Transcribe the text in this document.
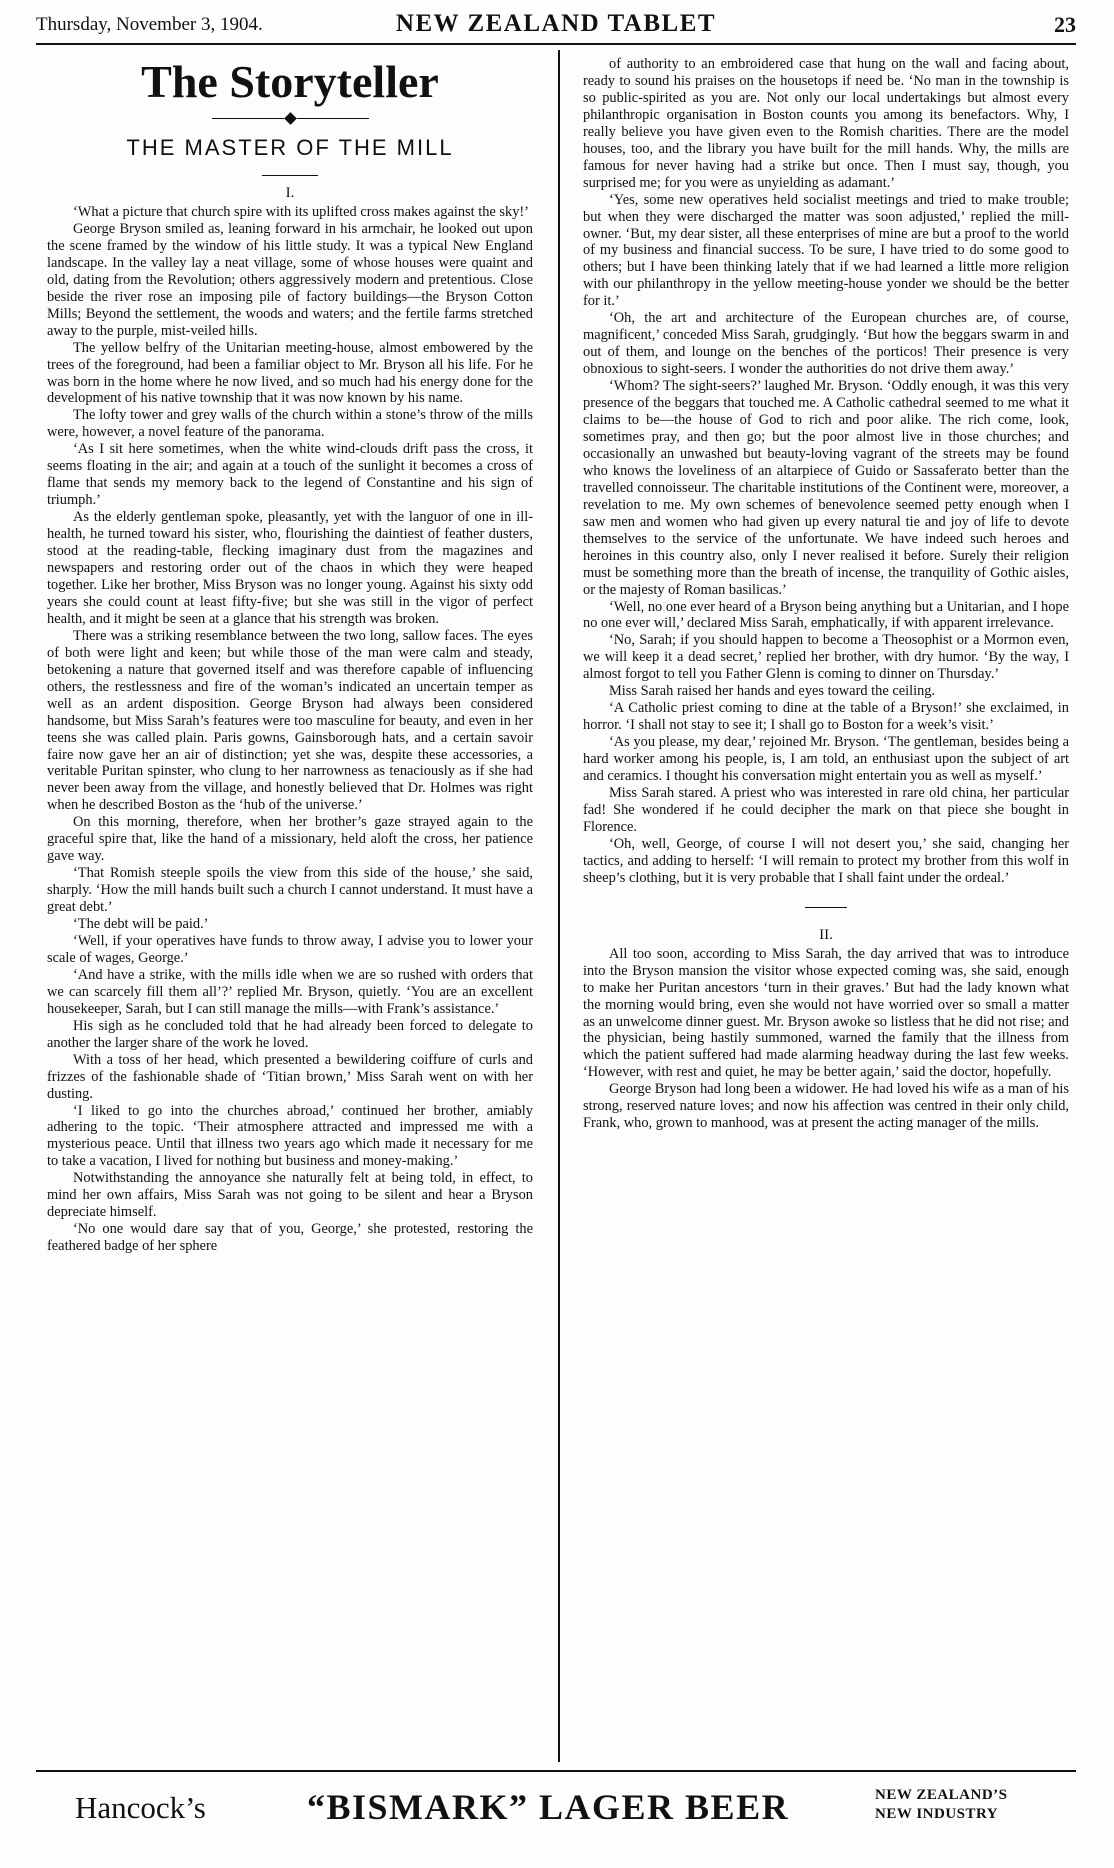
Thursday, November 3, 1904.	NEW ZEALAND TABLET	23
The Storyteller
THE MASTER OF THE MILL
I.

‘What a picture that church spire with its uplifted cross makes against the sky!’

George Bryson smiled as, leaning forward in his armchair, he looked out upon the scene framed by the window of his little study. It was a typical New England landscape. In the valley lay a neat village, some of whose houses were quaint and old, dating from the Revolution; others aggressively modern and pretentious. Close beside the river rose an imposing pile of factory buildings—the Bryson Cotton Mills; Beyond the settlement, the woods and waters; and the fertile farms stretched away to the purple, mist-veiled hills.

The yellow belfry of the Unitarian meeting-house, almost embowered by the trees of the foreground, had been a familiar object to Mr. Bryson all his life. For he was born in the home where he now lived, and so much had his energy done for the development of his native township that it was now known by his name.

The lofty tower and grey walls of the church within a stone’s throw of the mills were, however, a novel feature of the panorama.

‘As I sit here sometimes, when the white wind-clouds drift pass the cross, it seems floating in the air; and again at a touch of the sunlight it becomes a cross of flame that sends my memory back to the legend of Constantine and his sign of triumph.’

As the elderly gentleman spoke, pleasantly, yet with the languor of one in ill-health, he turned toward his sister, who, flourishing the daintiest of feather dusters, stood at the reading-table, flecking imaginary dust from the magazines and newspapers and restoring order out of the chaos in which they were heaped together. Like her brother, Miss Bryson was no longer young. Against his sixty odd years she could count at least fifty-five; but she was still in the vigor of perfect health, and it might be seen at a glance that his strength was broken.

There was a striking resemblance between the two long, sallow faces. The eyes of both were light and keen; but while those of the man were calm and steady, betokening a nature that governed itself and was therefore capable of influencing others, the restlessness and fire of the woman’s indicated an uncertain temper as well as an ardent disposition. George Bryson had always been considered handsome, but Miss Sarah’s features were too masculine for beauty, and even in her teens she was called plain. Paris gowns, Gainsborough hats, and a certain savoir faire now gave her an air of distinction; yet she was, despite these accessories, a veritable Puritan spinster, who clung to her narrowness as tenaciously as if she had never been away from the village, and honestly believed that Dr. Holmes was right when he described Boston as the ‘hub of the universe.’

On this morning, therefore, when her brother’s gaze strayed again to the graceful spire that, like the hand of a missionary, held aloft the cross, her patience gave way.

‘That Romish steeple spoils the view from this side of the house,’ she said, sharply. ‘How the mill hands built such a church I cannot understand. It must have a great debt.’

‘The debt will be paid.’

‘Well, if your operatives have funds to throw away, I advise you to lower your scale of wages, George.’

‘And have a strike, with the mills idle when we are so rushed with orders that we can scarcely fill them all’?’ replied Mr. Bryson, quietly. ‘You are an excellent housekeeper, Sarah, but I can still manage the mills—with Frank’s assistance.’

His sigh as he concluded told that he had already been forced to delegate to another the larger share of the work he loved.

With a toss of her head, which presented a bewildering coiffure of curls and frizzes of the fashionable shade of ‘Titian brown,’ Miss Sarah went on with her dusting.

‘I liked to go into the churches abroad,’ continued her brother, amiably adhering to the topic. ‘Their atmosphere attracted and impressed me with a mysterious peace. Until that illness two years ago which made it necessary for me to take a vacation, I lived for nothing but business and money-making.’

Notwithstanding the annoyance she naturally felt at being told, in effect, to mind her own affairs, Miss Sarah was not going to be silent and hear a Bryson depreciate himself.

‘No one would dare say that of you, George,’ she protested, restoring the feathered badge of her sphere

of authority to an embroidered case that hung on the wall and facing about, ready to sound his praises on the housetops if need be. ‘No man in the township is so public-spirited as you are. Not only our local undertakings but almost every philanthropic organisation in Boston counts you among its benefactors. Why, I really believe you have given even to the Romish charities. There are the model houses, too, and the library you have built for the mill hands. Why, the mills are famous for never having had a strike but once. Then I must say, though, you surprised me; for you were as unyielding as adamant.’

‘Yes, some new operatives held socialist meetings and tried to make trouble; but when they were discharged the matter was soon adjusted,’ replied the mill-owner. ‘But, my dear sister, all these enterprises of mine are but a proof to the world of my business and financial success. To be sure, I have tried to do some good to others; but I have been thinking lately that if we had learned a little more religion with our philanthropy in the yellow meeting-house yonder we should be the better for it.’

‘Oh, the art and architecture of the European churches are, of course, magnificent,’ conceded Miss Sarah, grudgingly. ‘But how the beggars swarm in and out of them, and lounge on the benches of the porticos! Their presence is very obnoxious to sight-seers. I wonder the authorities do not drive them away.’

‘Whom? The sight-seers?’ laughed Mr. Bryson. ‘Oddly enough, it was this very presence of the beggars that touched me. A Catholic cathedral seemed to me what it claims to be—the house of God to rich and poor alike. The rich come, look, sometimes pray, and then go; but the poor almost live in those churches; and occasionally an unwashed but beauty-loving vagrant of the streets may be found who knows the loveliness of an altarpiece of Guido or Sassaferato better than the travelled connoisseur. The charitable institutions of the Continent were, moreover, a revelation to me. My own schemes of benevolence seemed petty enough when I saw men and women who had given up every natural tie and joy of life to devote themselves to the service of the unfortunate. We have indeed such heroes and heroines in this country also, only I never realised it before. Surely their religion must be something more than the breath of incense, the tranquility of Gothic aisles, or the majesty of Roman basilicas.’

‘Well, no one ever heard of a Bryson being anything but a Unitarian, and I hope no one ever will,’ declared Miss Sarah, emphatically, if with apparent irrelevance.

‘No, Sarah; if you should happen to become a Theosophist or a Mormon even, we will keep it a dead secret,’ replied her brother, with dry humor. ‘By the way, I almost forgot to tell you Father Glenn is coming to dinner on Thursday.’

Miss Sarah raised her hands and eyes toward the ceiling.

‘A Catholic priest coming to dine at the table of a Bryson!’ she exclaimed, in horror. ‘I shall not stay to see it; I shall go to Boston for a week’s visit.’

‘As you please, my dear,’ rejoined Mr. Bryson. ‘The gentleman, besides being a hard worker among his people, is, I am told, an enthusiast upon the subject of art and ceramics. I thought his conversation might entertain you as well as myself.’

Miss Sarah stared. A priest who was interested in rare old china, her particular fad! She wondered if he could decipher the mark on that piece she bought in Florence.

‘Oh, well, George, of course I will not desert you,’ she said, changing her tactics, and adding to herself: ‘I will remain to protect my brother from this wolf in sheep’s clothing, but it is very probable that I shall faint under the ordeal.’

II.

All too soon, according to Miss Sarah, the day arrived that was to introduce into the Bryson mansion the visitor whose expected coming was, she said, enough to make her Puritan ancestors ‘turn in their graves.’ But had the lady known what the morning would bring, even she would not have worried over so small a matter as an unwelcome dinner guest. Mr. Bryson awoke so listless that he did not rise; and the physician, being hastily summoned, warned the family that the illness from which the patient suffered had made alarming headway during the last few weeks. ‘However, with rest and quiet, he may be better again,’ said the doctor, hopefully.

George Bryson had long been a widower. He had loved his wife as a man of his strong, reserved nature loves; and now his affection was centred in their only child, Frank, who, grown to manhood, was at present the acting manager of the mills.

Hancock’s	“BISMARK” LAGER BEER	NEW ZEALAND’S
NEW INDUSTRY
